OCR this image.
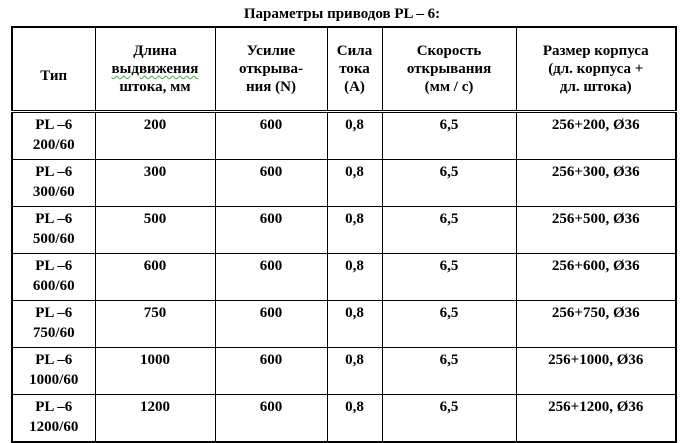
Параметры приводов PL – 6:
Тип	Длина
выдвижения
штока, мм	Усилие
открыва-
ния (N)	Сила
тока
(А)	Скорость
открывания
(мм / с)	Размер корпуса
(дл. корпуса +
дл. штока)

PL –6
200/60	200	600	0,8	6,5	256+200, Ø36

PL –6
300/60	300	600	0,8	6,5	256+300, Ø36

PL –6
500/60	500	600	0,8	6,5	256+500, Ø36

PL –6
600/60	600	600	0,8	6,5	256+600, Ø36

PL –6
750/60	750	600	0,8	6,5	256+750, Ø36

PL –6
1000/60	1000	600	0,8	6,5	256+1000, Ø36

PL –6
1200/60	1200	600	0,8	6,5	256+1200, Ø36
